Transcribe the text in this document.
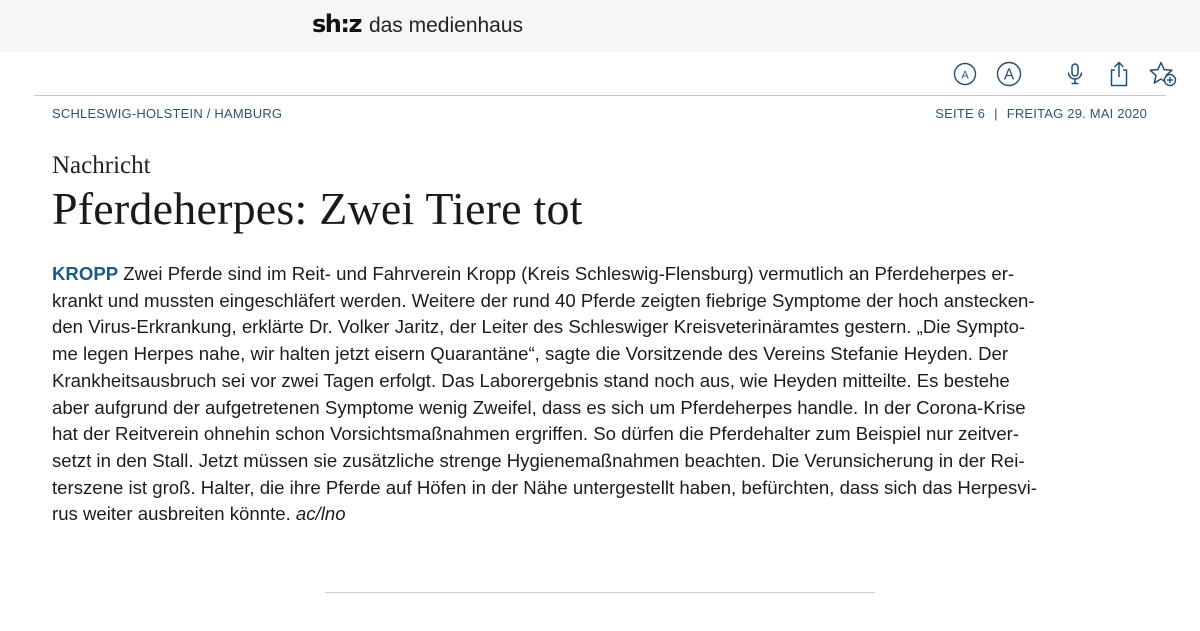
sh:z das medienhaus
A A
SCHLESWIG-HOLSTEIN / HAMBURG	SEITE 6 | FREITAG 29. MAI 2020
Nachricht
Pferdeherpes: Zwei Tiere tot
KROPP Zwei Pferde sind im Reit- und Fahrverein Kropp (Kreis Schleswig-Flensburg) vermutlich an Pferdeherpes er-
krankt und mussten eingeschläfert werden. Weitere der rund 40 Pferde zeigten fiebrige Symptome der hoch anstecken-
den Virus-Erkrankung, erklärte Dr. Volker Jaritz, der Leiter des Schleswiger Kreisveterinäramtes gestern. „Die Sympto-
me legen Herpes nahe, wir halten jetzt eisern Quarantäne“, sagte die Vorsitzende des Vereins Stefanie Heyden. Der
Krankheitsausbruch sei vor zwei Tagen erfolgt. Das Laborergebnis stand noch aus, wie Heyden mitteilte. Es bestehe
aber aufgrund der aufgetretenen Symptome wenig Zweifel, dass es sich um Pferdeherpes handle. In der Corona-Krise
hat der Reitverein ohnehin schon Vorsichtsmaßnahmen ergriffen. So dürfen die Pferdehalter zum Beispiel nur zeitver-
setzt in den Stall. Jetzt müssen sie zusätzliche strenge Hygienemaßnahmen beachten. Die Verunsicherung in der Rei-
terszene ist groß. Halter, die ihre Pferde auf Höfen in der Nähe untergestellt haben, befürchten, dass sich das Herpesvi-
rus weiter ausbreiten könnte. ac/lno
